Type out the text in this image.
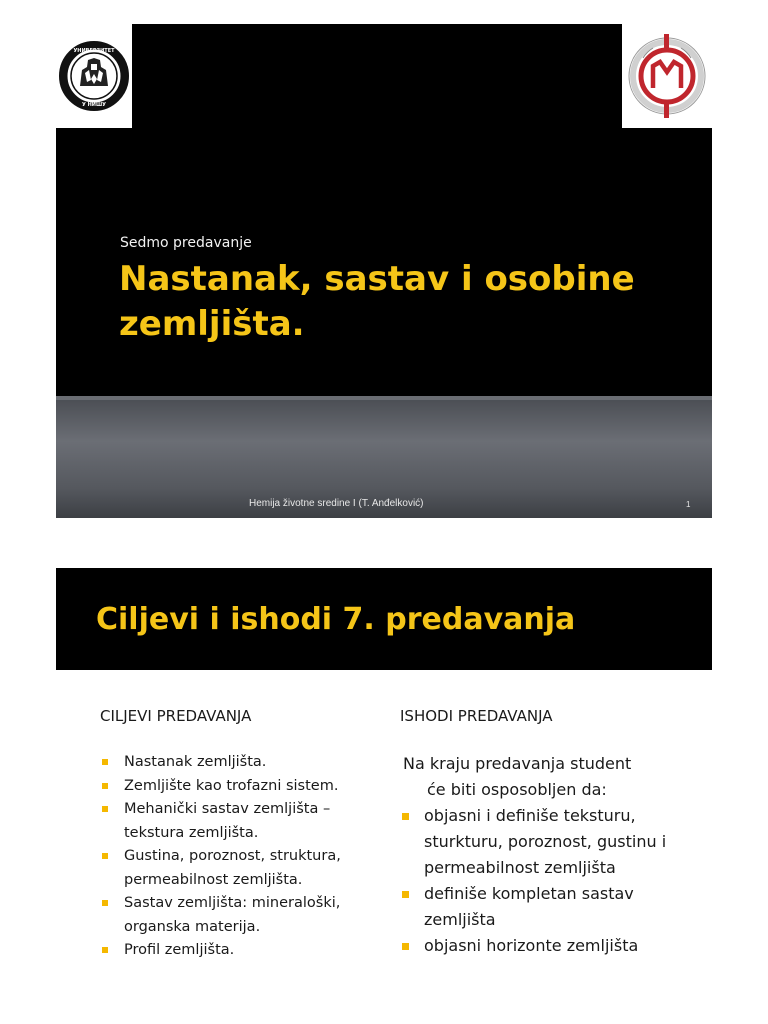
УНИВЕРЗИТЕТ
У НИШУ
Sedmo predavanje
Nastanak, sastav i osobine zemljišta.
Hemija životne sredine I (T. Anđelković)	1
Ciljevi i ishodi 7. predavanja
CILJEVI PREDAVANJA
Nastanak zemljišta.
Zemljište kao trofazni sistem.
Mehanički sastav zemljišta – tekstura zemljišta.
Gustina, poroznost, struktura, permeabilnost zemljišta.
Sastav zemljišta: mineraloški, organska materija.
Profil zemljišta.
ISHODI PREDAVANJA
Na kraju predavanja student
će biti osposobljen da:
objasni i definiše teksturu, sturkturu, poroznost, gustinu i permeabilnost zemljišta
definiše kompletan sastav zemljišta
objasni horizonte zemljišta
